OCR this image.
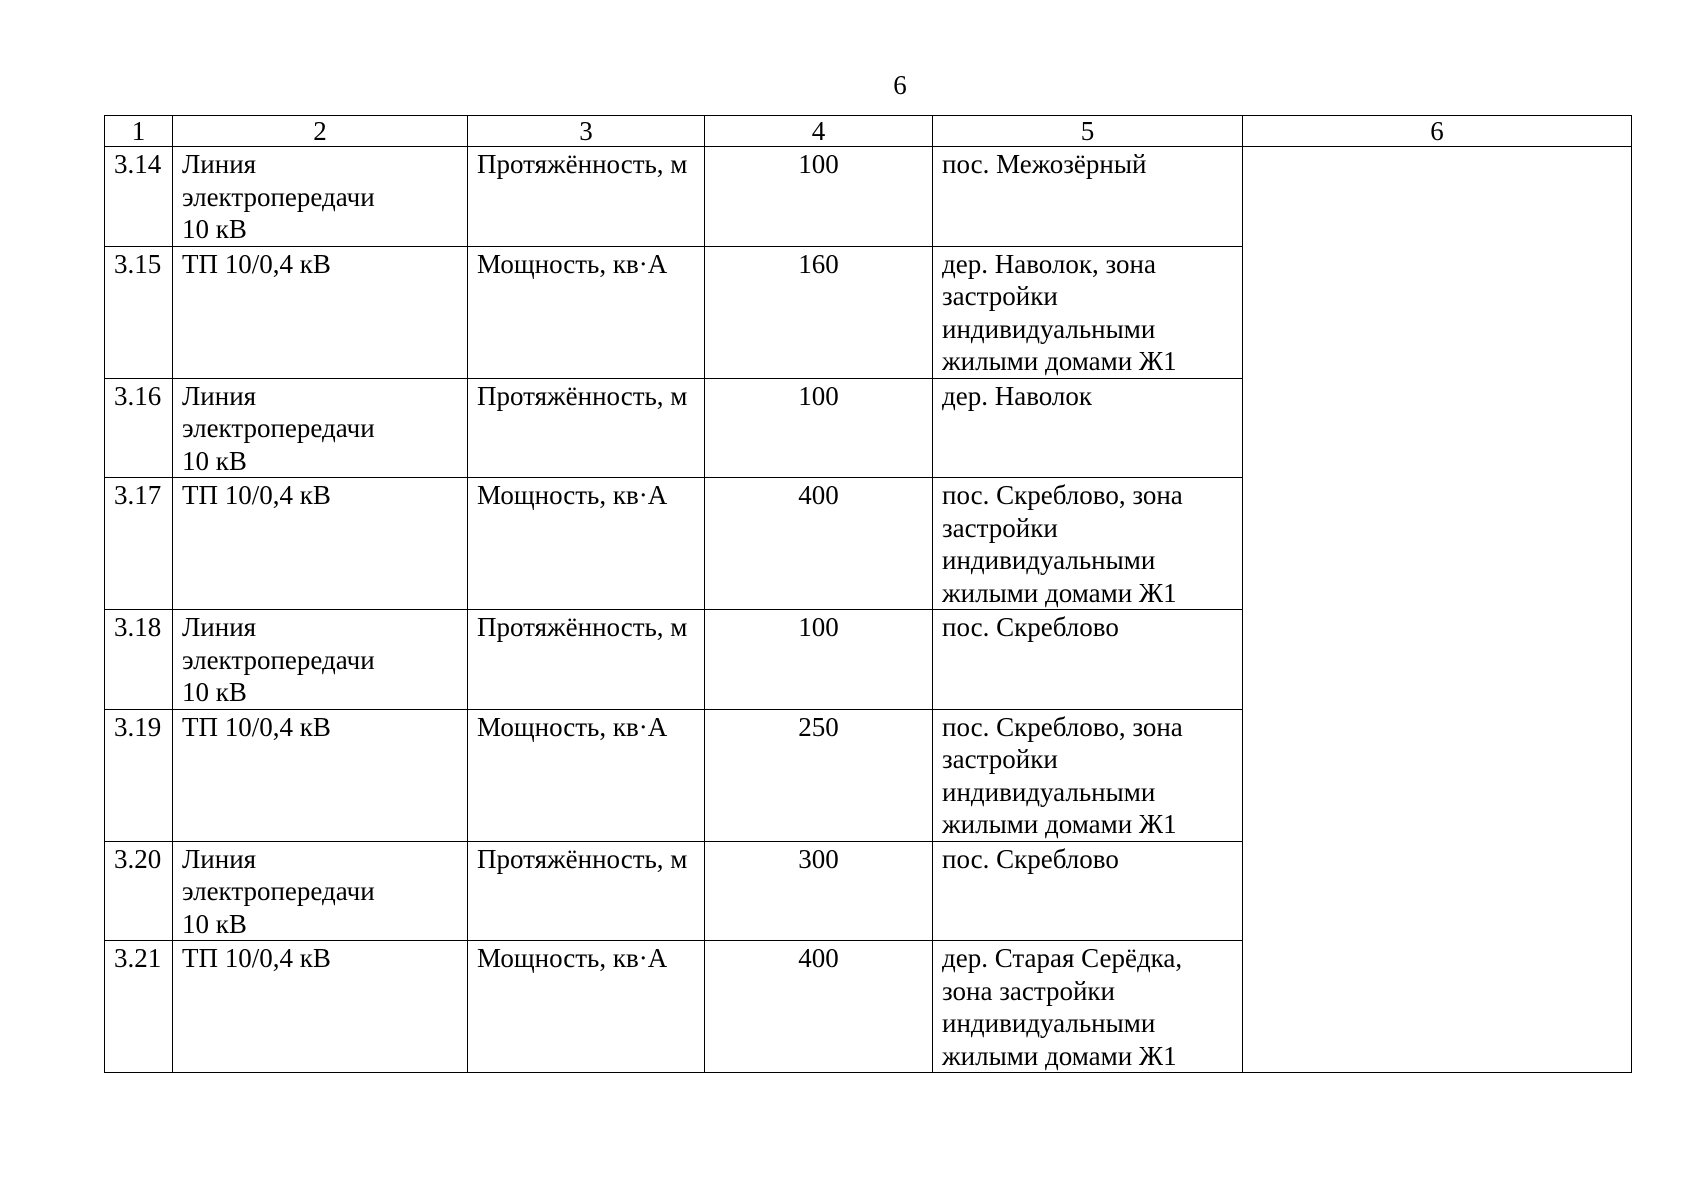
6
1	2	3	4	5	6
3.14	Линия
электропередачи
10 кВ	Протяжённость, м	100	пос. Межозёрный	

3.15	ТП 10/0,4 кВ	Мощность, кв·А	160	дер. Наволок, зона
застройки
индивидуальными
жилыми домами Ж1	

3.16	Линия
электропередачи
10 кВ	Протяжённость, м	100	дер. Наволок	

3.17	ТП 10/0,4 кВ	Мощность, кв·А	400	пос. Скреблово, зона
застройки
индивидуальными
жилыми домами Ж1	

3.18	Линия
электропередачи
10 кВ	Протяжённость, м	100	пос. Скреблово	

3.19	ТП 10/0,4 кВ	Мощность, кв·А	250	пос. Скреблово, зона
застройки
индивидуальными
жилыми домами Ж1	

3.20	Линия
электропередачи
10 кВ	Протяжённость, м	300	пос. Скреблово	

3.21	ТП 10/0,4 кВ	Мощность, кв·А	400	дер. Старая Серёдка,
зона застройки
индивидуальными
жилыми домами Ж1	
